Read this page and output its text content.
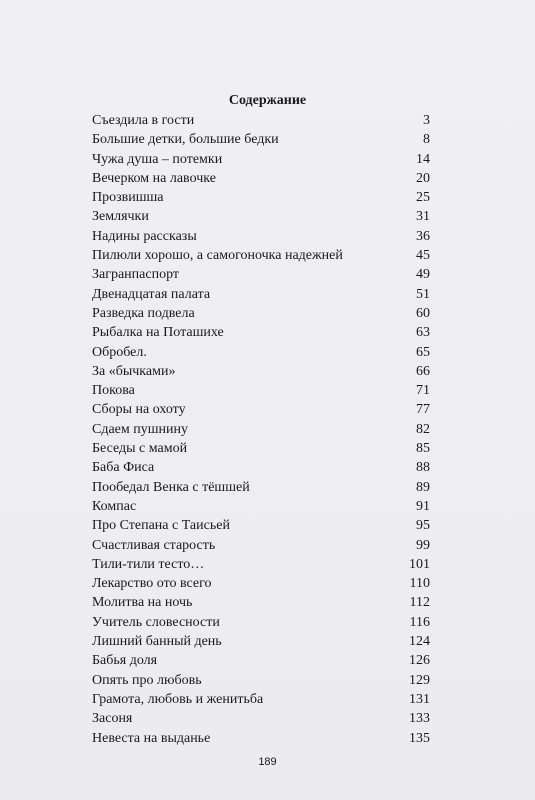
Содержание
Съездила в гости	3
Большие детки, большие бедки	8
Чужа душа – потемки	14
Вечерком на лавочке	20
Прозвишша	25
Землячки	31
Надины рассказы	36
Пилюли хорошо, а самогоночка надежней	45
Загранпаспорт	49
Двенадцатая палата	51
Разведка подвела	60
Рыбалка на Поташихе	63
Обробел.	65
За «бычками»	66
Покова	71
Сборы на охоту	77
Сдаем пушнину	82
Беседы с мамой	85
Баба Фиса	88
Пообедал Венка с тёшшей	89
Компас	91
Про Степана с Таисьей	95
Счастливая старость	99
Тили-тили тесто…	101
Лекарство ото всего	110
Молитва на ночь	112
Учитель словесности	116
Лишний банный день	124
Бабья доля	126
Опять про любовь	129
Грамота, любовь и женитьба	131
Засоня	133
Невеста на выданье	135
189
